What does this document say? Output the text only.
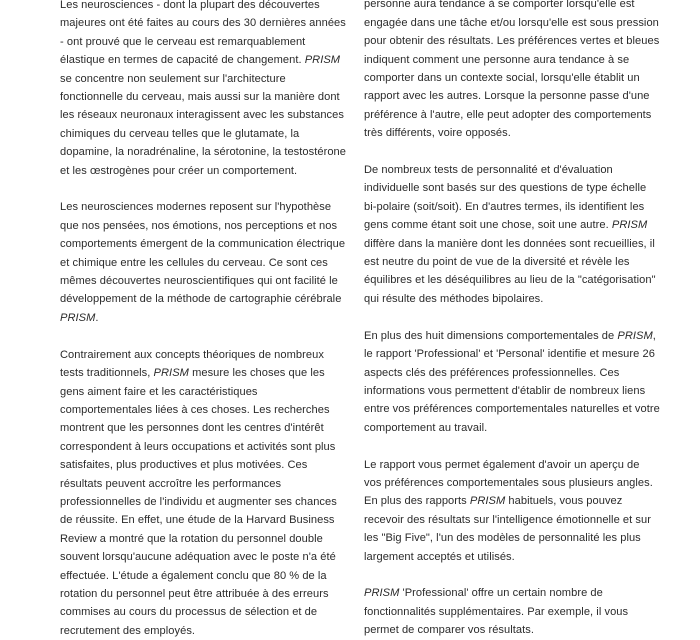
Les neurosciences - dont la plupart des découvertes majeures ont été faites au cours des 30 dernières années - ont prouvé que le cerveau est remarquablement élastique en termes de capacité de changement. PRISM se concentre non seulement sur l'architecture fonctionnelle du cerveau, mais aussi sur la manière dont les réseaux neuronaux interagissent avec les substances chimiques du cerveau telles que le glutamate, la dopamine, la noradrénaline, la sérotonine, la testostérone et les œstrogènes pour créer un comportement.

Les neurosciences modernes reposent sur l'hypothèse que nos pensées, nos émotions, nos perceptions et nos comportements émergent de la communication électrique et chimique entre les cellules du cerveau. Ce sont ces mêmes découvertes neuroscientifiques qui ont facilité le développement de la méthode de cartographie cérébrale PRISM.

Contrairement aux concepts théoriques de nombreux tests traditionnels, PRISM mesure les choses que les gens aiment faire et les caractéristiques comportementales liées à ces choses. Les recherches montrent que les personnes dont les centres d'intérêt correspondent à leurs occupations et activités sont plus satisfaites, plus productives et plus motivées. Ces résultats peuvent accroître les performances professionnelles de l'individu et augmenter ses chances de réussite. En effet, une étude de la Harvard Business Review a montré que la rotation du personnel double souvent lorsqu'aucune adéquation avec le poste n'a été effectuée. L'étude a également conclu que 80 % de la rotation du personnel peut être attribuée à des erreurs commises au cours du processus de sélection et de recrutement des employés.

personne aura tendance à se comporter lorsqu'elle est engagée dans une tâche et/ou lorsqu'elle est sous pression pour obtenir des résultats. Les préférences vertes et bleues indiquent comment une personne aura tendance à se comporter dans un contexte social, lorsqu'elle établit un rapport avec les autres. Lorsque la personne passe d'une préférence à l'autre, elle peut adopter des comportements très différents, voire opposés.

De nombreux tests de personnalité et d'évaluation individuelle sont basés sur des questions de type échelle bi-polaire (soit/soit). En d'autres termes, ils identifient les gens comme étant soit une chose, soit une autre. PRISM diffère dans la manière dont les données sont recueillies, il est neutre du point de vue de la diversité et révèle les équilibres et les déséquilibres au lieu de la "catégorisation" qui résulte des méthodes bipolaires.

En plus des huit dimensions comportementales de PRISM, le rapport 'Professional' et 'Personal' identifie et mesure 26 aspects clés des préférences professionnelles. Ces informations vous permettent d'établir de nombreux liens entre vos préférences comportementales naturelles et votre comportement au travail.

Le rapport vous permet également d'avoir un aperçu de vos préférences comportementales sous plusieurs angles. En plus des rapports PRISM habituels, vous pouvez recevoir des résultats sur l'intelligence émotionnelle et sur les "Big Five", l'un des modèles de personnalité les plus largement acceptés et utilisés.

PRISM 'Professional' offre un certain nombre de fonctionnalités supplémentaires. Par exemple, il vous permet de comparer vos résultats.
